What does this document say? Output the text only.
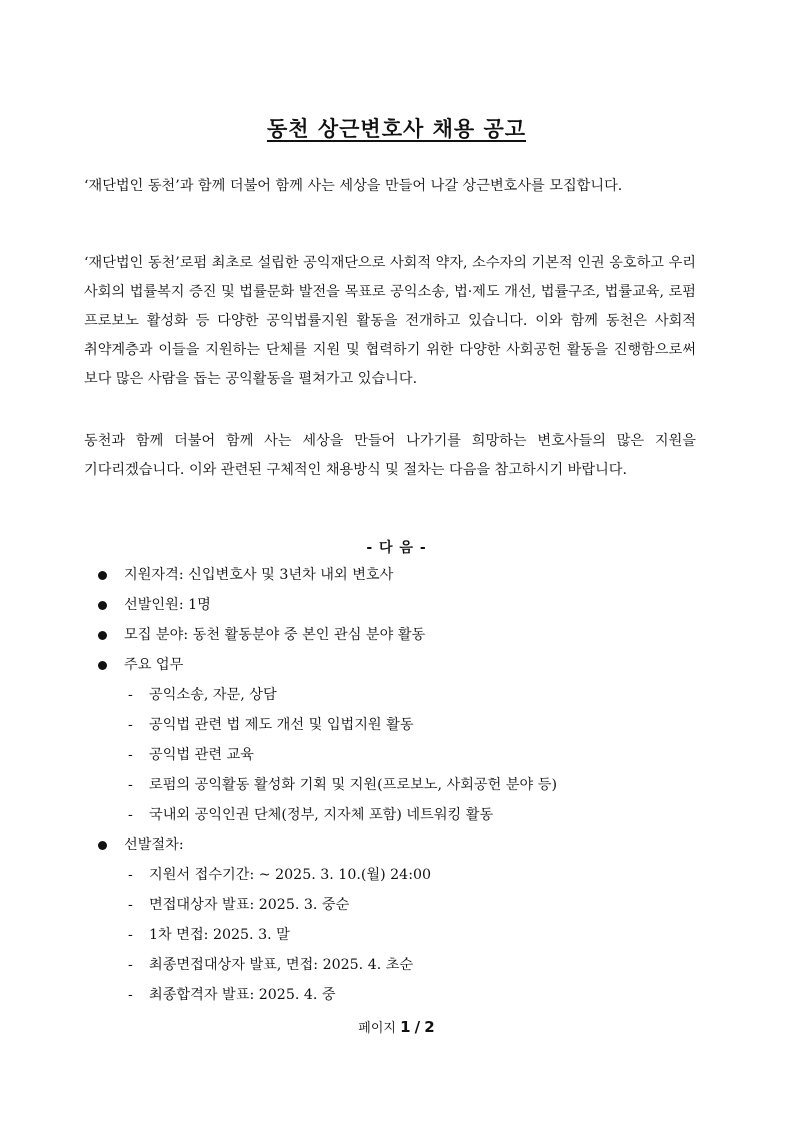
동천 상근변호사 채용 공고

‘재단법인 동천’과 함께 더불어 함께 사는 세상을 만들어 나갈 상근변호사를 모집합니다.

‘재단법인 동천’로펌 최초로 설립한 공익재단으로 사회적 약자, 소수자의 기본적 인권 옹호하고 우리 사회의 법률복지 증진 및 법률문화 발전을 목표로 공익소송, 법·제도 개선, 법률구조, 법률교육, 로펌 프로보노 활성화 등 다양한 공익법률지원 활동을 전개하고 있습니다. 이와 함께 동천은 사회적 취약계층과 이들을 지원하는 단체를 지원 및 협력하기 위한 다양한 사회공헌 활동을 진행함으로써 보다 많은 사람을 돕는 공익활동을 펼쳐가고 있습니다.

동천과 함께 더불어 함께 사는 세상을 만들어 나가기를 희망하는 변호사들의 많은 지원을 기다리겠습니다. 이와 관련된 구체적인 채용방식 및 절차는 다음을 참고하시기 바랍니다.

- 다 음 -
지원자격: 신입변호사 및 3년차 내외 변호사
선발인원: 1명
모집 분야: 동천 활동분야 중 본인 관심 분야 활동
주요 업무
- 공익소송, 자문, 상담
- 공익법 관련 법 제도 개선 및 입법지원 활동
- 공익법 관련 교육
- 로펌의 공익활동 활성화 기획 및 지원(프로보노, 사회공헌 분야 등)
- 국내외 공익인권 단체(정부, 지자체 포함) 네트워킹 활동
선발절차:
- 지원서 접수기간: ~ 2025. 3. 10.(월) 24:00
- 면접대상자 발표: 2025. 3. 중순
- 1차 면접: 2025. 3. 말
- 최종면접대상자 발표, 면접: 2025. 4. 초순
- 최종합격자 발표: 2025. 4. 중
페이지 1 / 2
